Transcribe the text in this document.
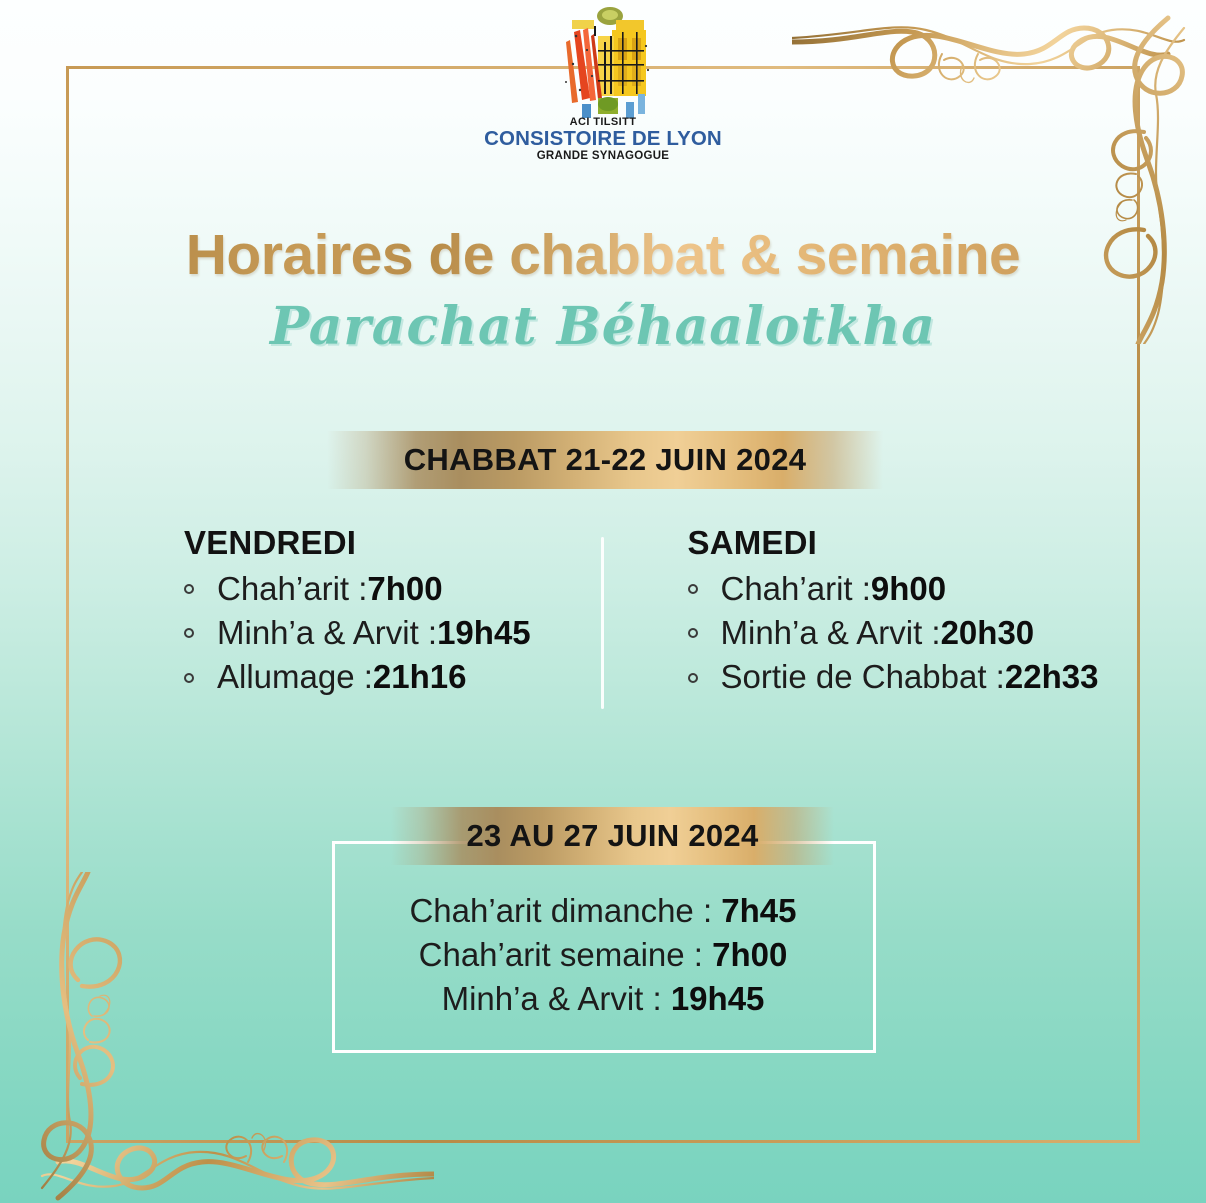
ACI TILSITT
CONSISTOIRE DE LYON
GRANDE SYNAGOGUE
Horaires de chabbat & semaine
Parachat Béhaalotkha
CHABBAT 21-22 JUIN 2024
VENDREDI
Chah’arit : 7h00
Minh’a & Arvit : 19h45
Allumage : 21h16
SAMEDI
Chah’arit : 9h00
Minh’a & Arvit : 20h30
Sortie de Chabbat : 22h33
23 AU 27 JUIN 2024
Chah’arit dimanche : 7h45
Chah’arit semaine : 7h00
Minh’a & Arvit : 19h45
